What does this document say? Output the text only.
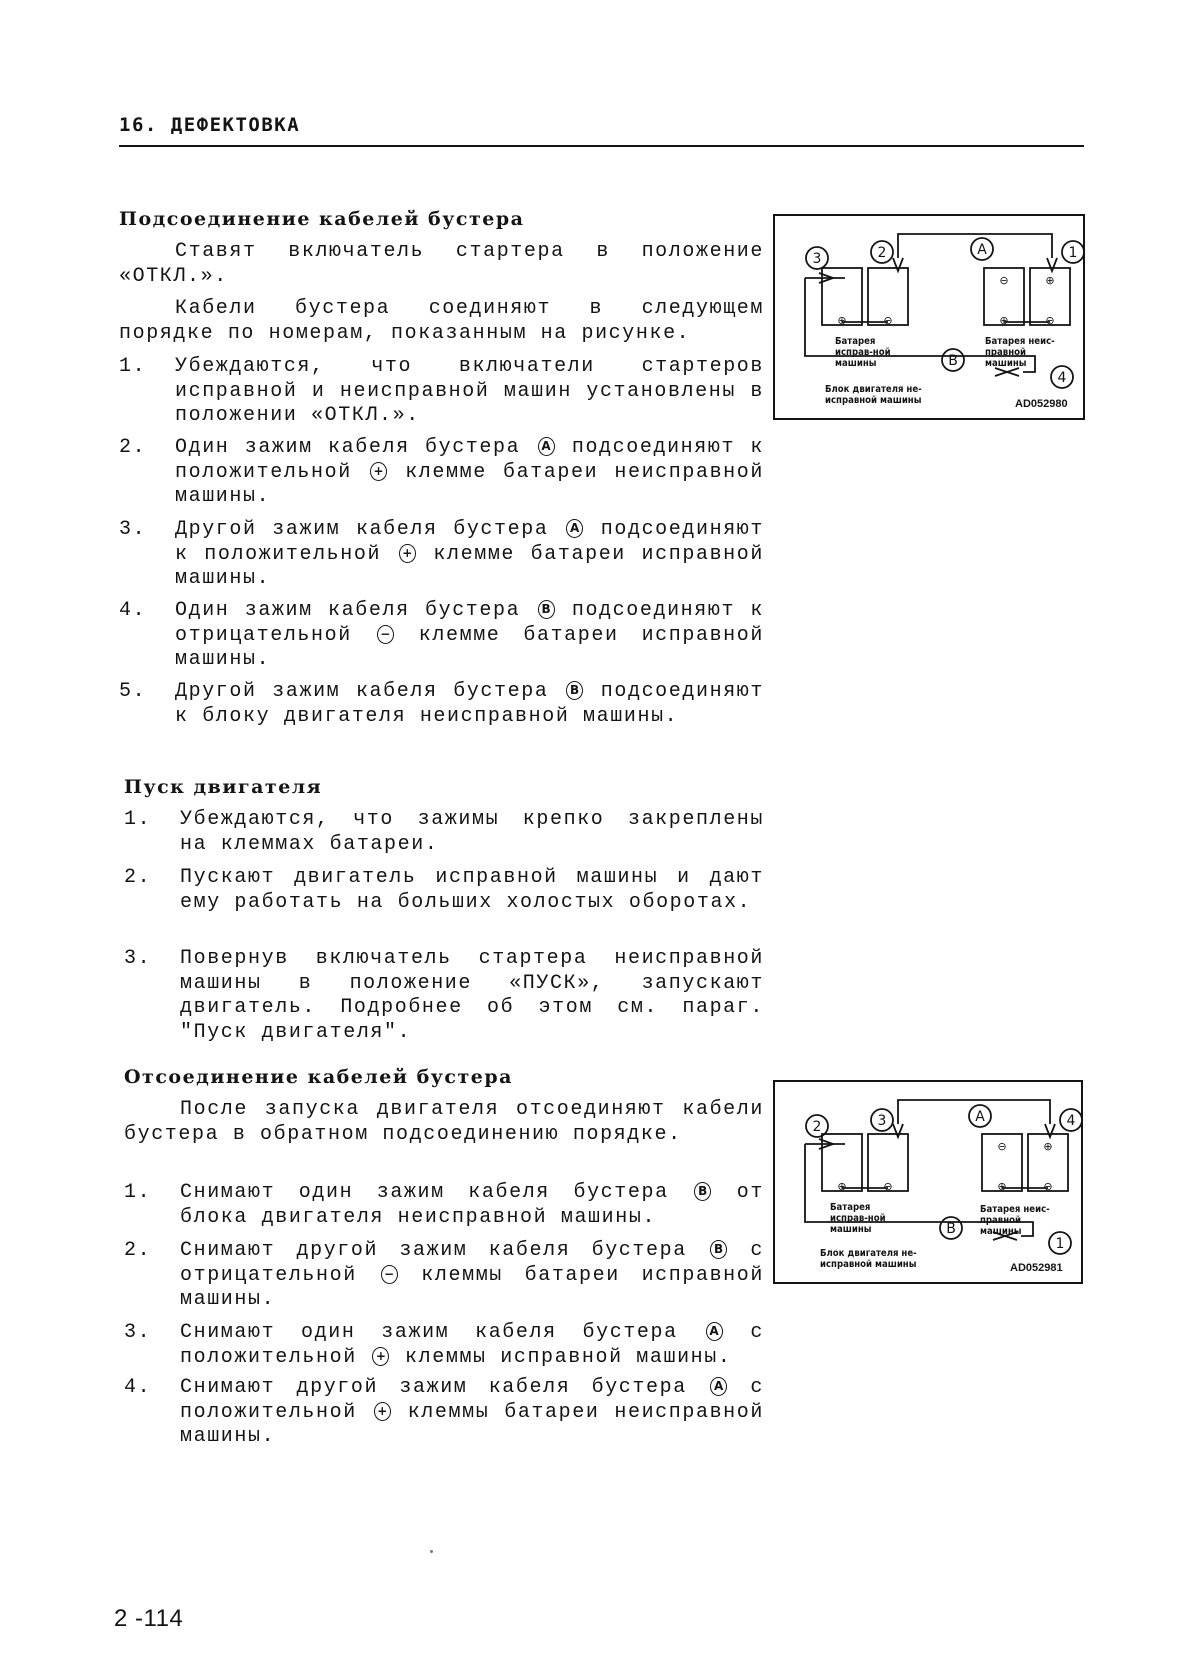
16. ДЕФЕКТОВКА
Подсоединение кабелей бустера
Ставят включатель стартера в положение «ОТКЛ.».
Кабели бустера соединяют в следующем порядке по номерам, показанным на рисунке.
1. Убеждаются, что включатели стартеров исправной и неисправной машин установлены в положении «ОТКЛ.».
2. Один зажим кабеля бустера A подсоединяют к положительной + клемме батареи неисправной машины.
3. Другой зажим кабеля бустера A подсоединяют к положительной + клемме батареи исправной машины.
4. Один зажим кабеля бустера B подсоединяют к отрицательной − клемме батареи исправной машины.
5. Другой зажим кабеля бустера B подсоединяют к блоку двигателя неисправной машины.
Пуск двигателя
1. Убеждаются, что зажимы крепко закреплены на клеммах батареи.
2. Пускают двигатель исправной машины и дают ему работать на больших холостых оборотах.
3. Повернув включатель стартера неисправной машины в положение «ПУСК», запускают двигатель. Подробнее об этом см. параг. "Пуск двигателя".
Отсоединение кабелей бустера
После запуска двигателя отсоединяют кабели бустера в обратном подсоединению порядке.
1. Снимают один зажим кабеля бустера B от блока двигателя неисправной машины.
2. Снимают другой зажим кабеля бустера B с отрицательной − клеммы батареи исправной машины.
3. Снимают один зажим кабеля бустера A с положительной + клеммы исправной машины.
4. Снимают другой зажим кабеля бустера A с положительной + клеммы батареи неисправной машины.
3	2	A	1
B
4
⊕	⊖
⊖	⊕
⊕	⊖
Батарея исправ-ной машины
Батарея неис-правной машины
Блок двигателя не-исправной машины	AD052980
2	3	A	4
B
1
⊕	⊖
⊖	⊕
⊕	⊖
Батарея исправ-ной машины
Батарея неис-правной машины
Блок двигателя не-исправной машины	AD052981
2 -114
